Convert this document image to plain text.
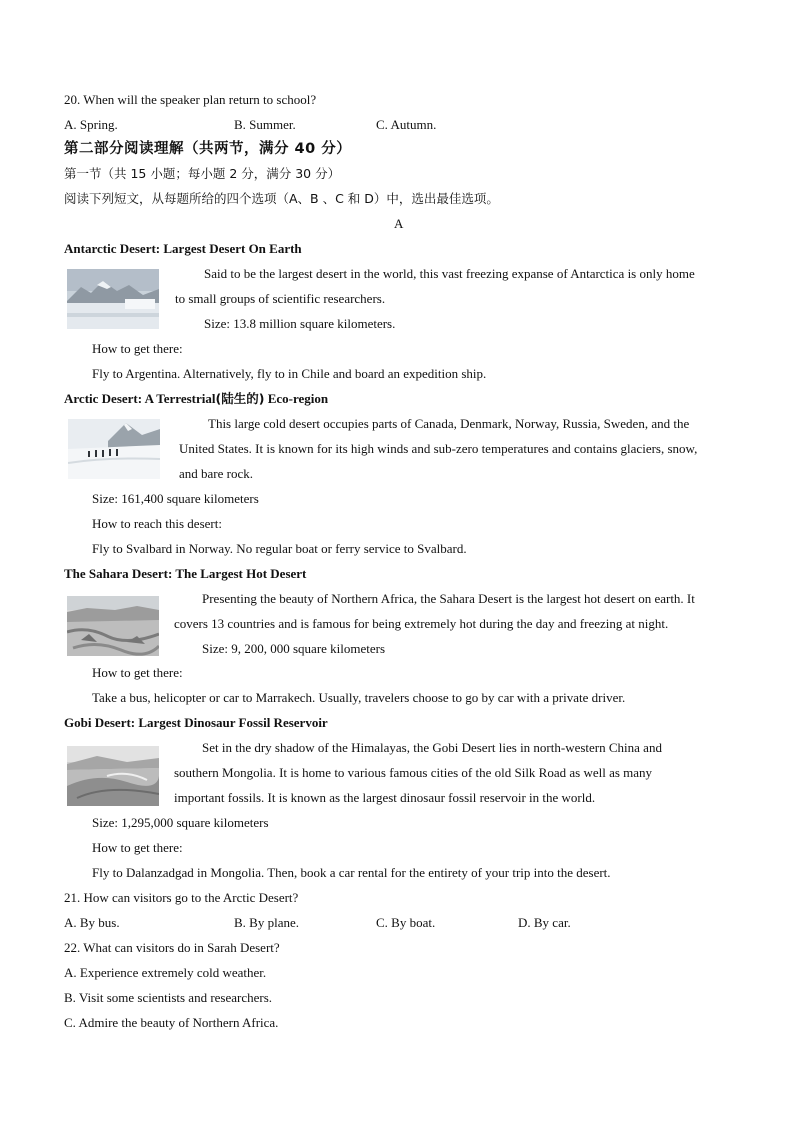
20. When will the speaker plan return to school?
A. Spring.	B. Summer.	C. Autumn.
第二部分阅读理解（共两节，满分 40 分）
第一节（共 15 小题；每小题 2 分，满分 30 分）
阅读下列短文，从每题所给的四个选项（A、B 、C 和 D）中，选出最佳选项。
A
Antarctic Desert: Largest Desert On Earth
Said to be the largest desert in the world, this vast freezing expanse of Antarctica is only home
to small groups of scientific researchers.
Size: 13.8 million square kilometers.
How to get there:
Fly to Argentina. Alternatively, fly to in Chile and board an expedition ship.
Arctic Desert: A Terrestrial(陆生的) Eco-region
This large cold desert occupies parts of Canada, Denmark, Norway, Russia, Sweden, and the
United States. It is known for its high winds and sub-zero temperatures and contains glaciers, snow,
and bare rock.
Size: 161,400 square kilometers
How to reach this desert:
Fly to Svalbard in Norway. No regular boat or ferry service to Svalbard.
The Sahara Desert: The Largest Hot Desert
Presenting the beauty of Northern Africa, the Sahara Desert is the largest hot desert on earth. It
covers 13 countries and is famous for being extremely hot during the day and freezing at night.
Size: 9, 200, 000 square kilometers
How to get there:
Take a bus, helicopter or car to Marrakech. Usually, travelers choose to go by car with a private driver.
Gobi Desert: Largest Dinosaur Fossil Reservoir
Set in the dry shadow of the Himalayas, the Gobi Desert lies in north-western China and
southern Mongolia. It is home to various famous cities of the old Silk Road as well as many
important fossils. It is known as the largest dinosaur fossil reservoir in the world.
Size: 1,295,000 square kilometers
How to get there:
Fly to Dalanzadgad in Mongolia. Then, book a car rental for the entirety of your trip into the desert.
21. How can visitors go to the Arctic Desert?
A. By bus.	B. By plane.	C. By boat.	D. By car.
22. What can visitors do in Sarah Desert?
A. Experience extremely cold weather.
B. Visit some scientists and researchers.
C. Admire the beauty of Northern Africa.
